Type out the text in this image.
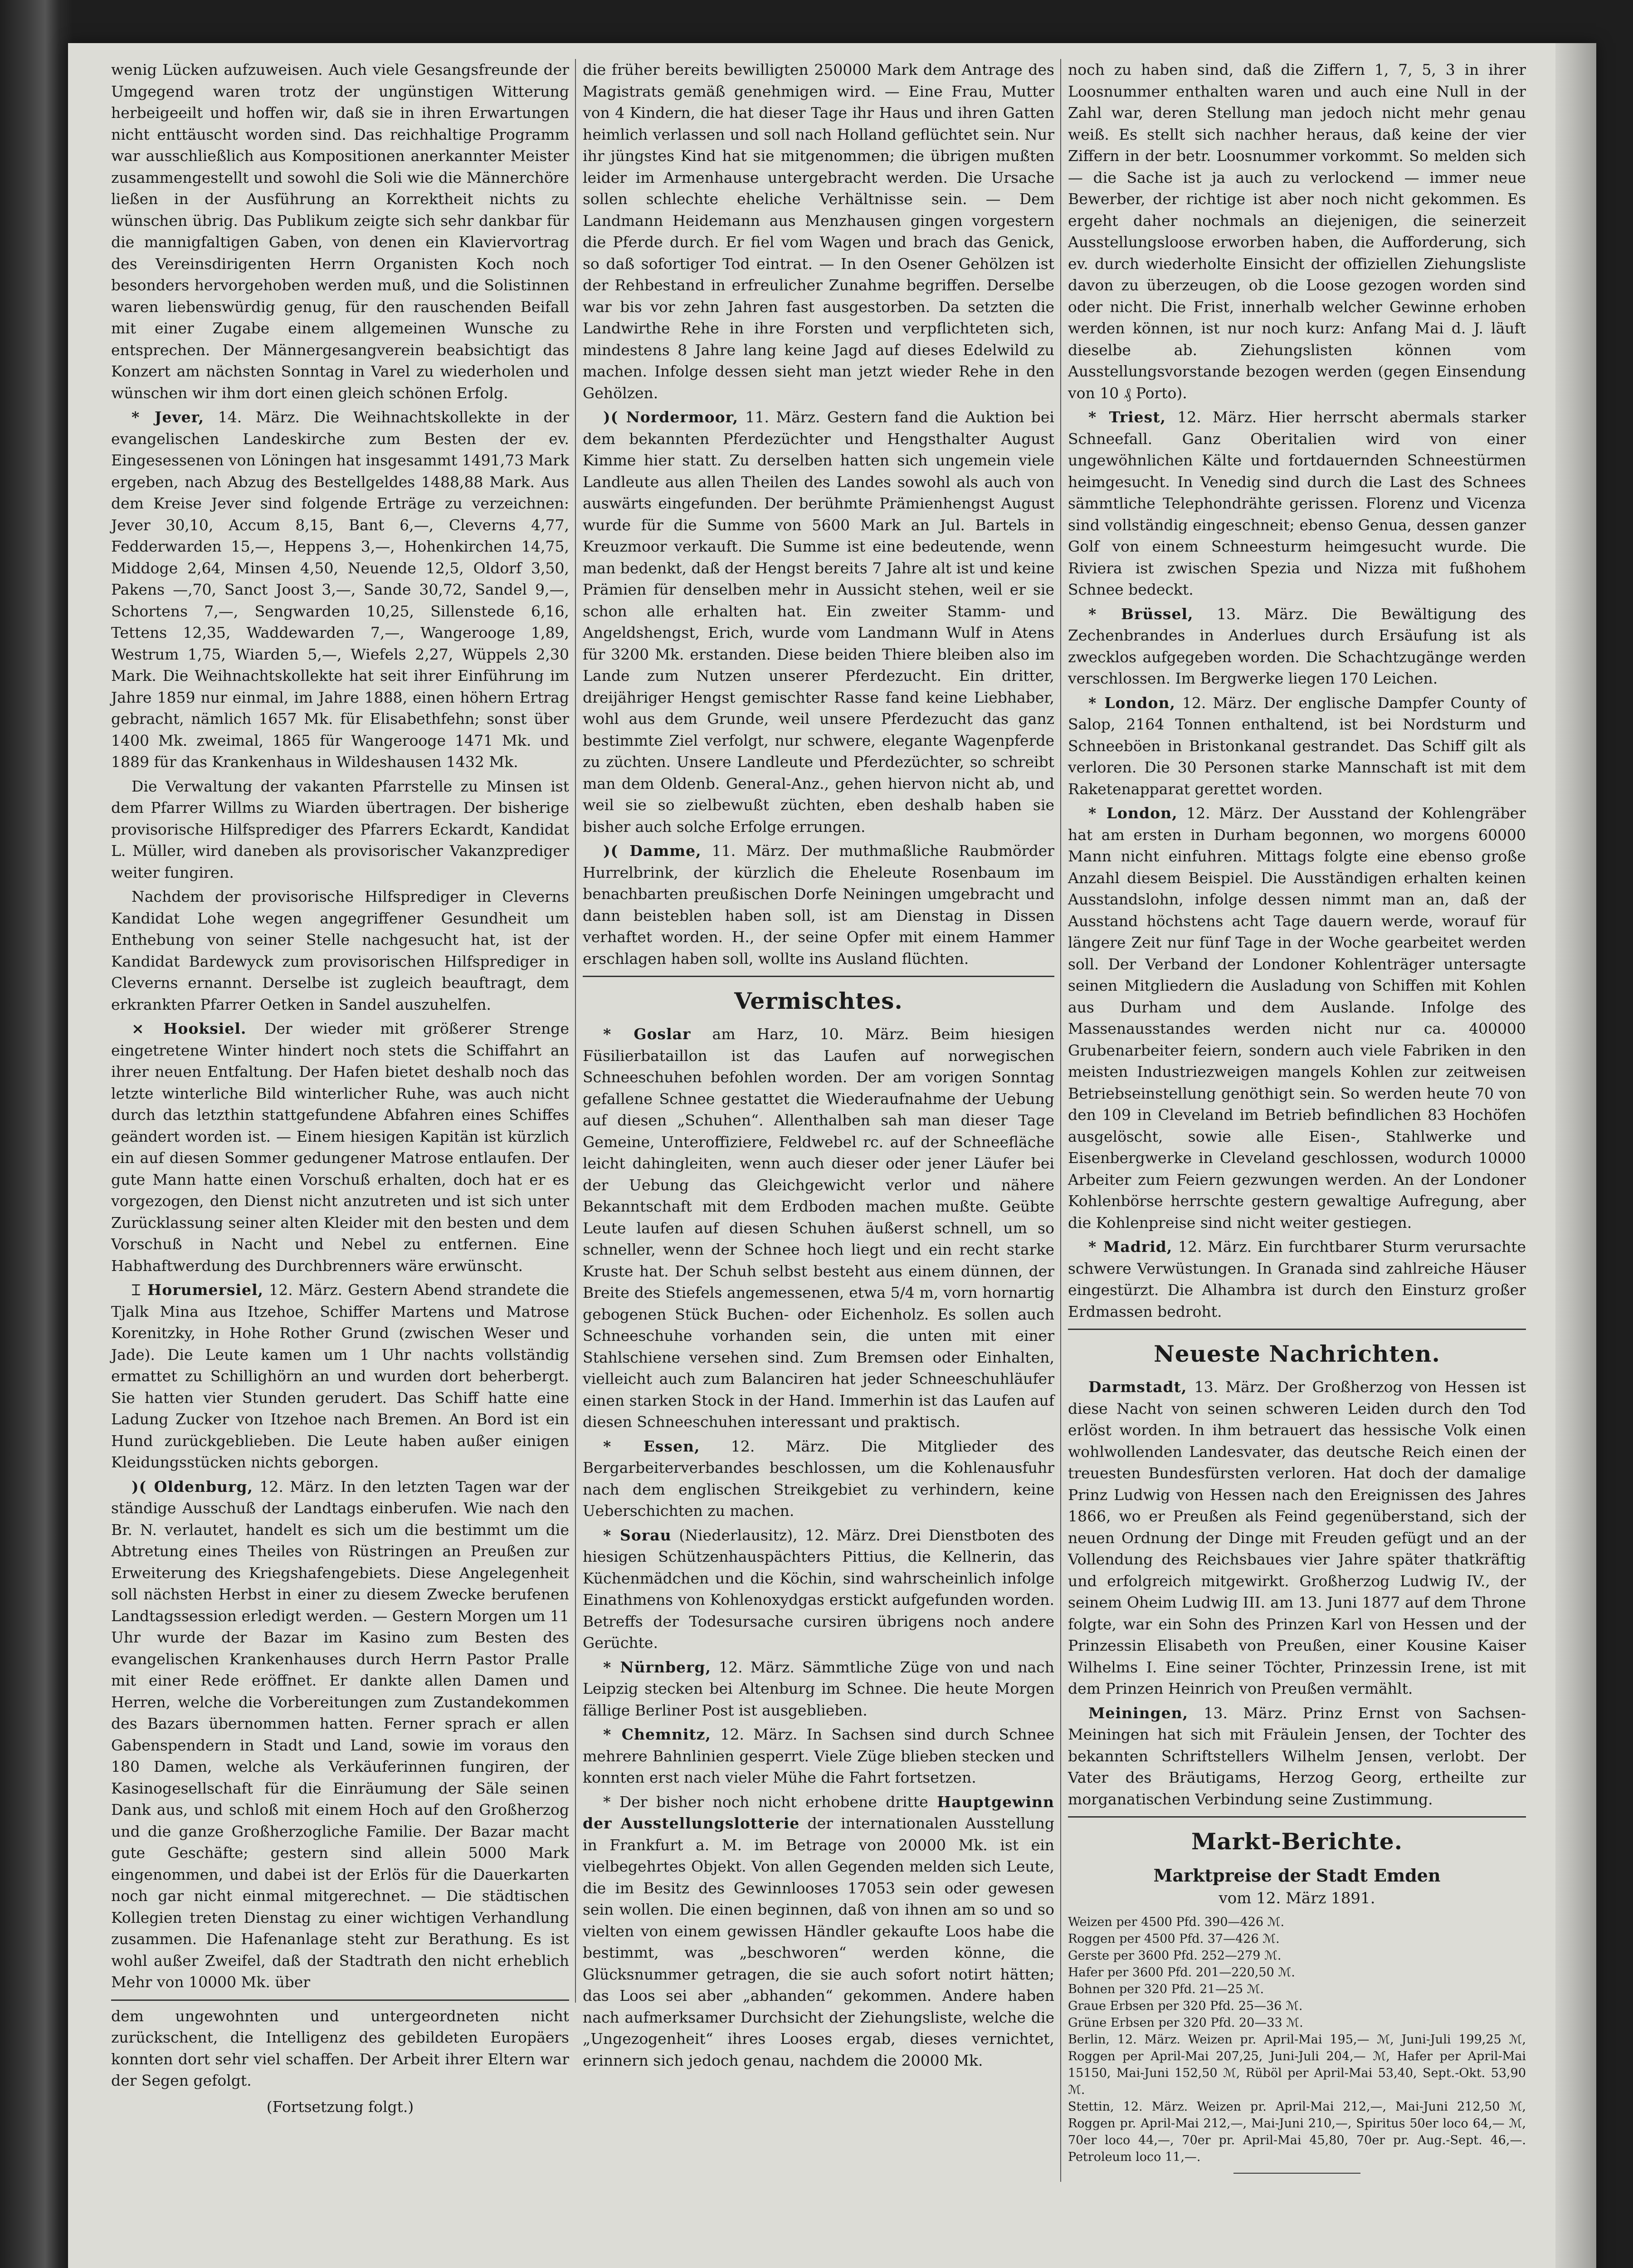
wenig Lücken aufzuweisen. Auch viele Gesangsfreunde der Umgegend waren trotz der ungünstigen Witterung herbeigeeilt und hoffen wir, daß sie in ihren Erwartungen nicht enttäuscht worden sind. Das reichhaltige Programm war ausschließlich aus Kompositionen anerkannter Meister zusammengestellt und sowohl die Soli wie die Männerchöre ließen in der Ausführung an Korrektheit nichts zu wünschen übrig. Das Publikum zeigte sich sehr dankbar für die mannigfaltigen Gaben, von denen ein Klaviervortrag des Vereinsdirigenten Herrn Organisten Koch noch besonders hervorgehoben werden muß, und die Solistinnen waren liebenswürdig genug, für den rauschenden Beifall mit einer Zugabe einem allgemeinen Wunsche zu entsprechen. Der Männergesangverein beabsichtigt das Konzert am nächsten Sonntag in Varel zu wiederholen und wünschen wir ihm dort einen gleich schönen Erfolg.

* Jever, 14. März. Die Weihnachtskollekte in der evangelischen Landeskirche zum Besten der ev. Eingesessenen von Löningen hat insgesammt 1491,73 Mark ergeben, nach Abzug des Bestellgeldes 1488,88 Mark. Aus dem Kreise Jever sind folgende Erträge zu verzeichnen: Jever 30,10, Accum 8,15, Bant 6,—, Cleverns 4,77, Fedderwarden 15,—, Heppens 3,—, Hohenkirchen 14,75, Middoge 2,64, Minsen 4,50, Neuende 12,5, Oldorf 3,50, Pakens —,70, Sanct Joost 3,—, Sande 30,72, Sandel 9,—, Schortens 7,—, Sengwarden 10,25, Sillenstede 6,16, Tettens 12,35, Waddewarden 7,—, Wangerooge 1,89, Westrum 1,75, Wiarden 5,—, Wiefels 2,27, Wüppels 2,30 Mark. Die Weihnachtskollekte hat seit ihrer Einführung im Jahre 1859 nur einmal, im Jahre 1888, einen höhern Ertrag gebracht, nämlich 1657 Mk. für Elisabethfehn; sonst über 1400 Mk. zweimal, 1865 für Wangerooge 1471 Mk. und 1889 für das Krankenhaus in Wildeshausen 1432 Mk.

Die Verwaltung der vakanten Pfarrstelle zu Minsen ist dem Pfarrer Willms zu Wiarden übertragen. Der bisherige provisorische Hilfsprediger des Pfarrers Eckardt, Kandidat L. Müller, wird daneben als provisorischer Vakanzprediger weiter fungiren.

Nachdem der provisorische Hilfsprediger in Cleverns Kandidat Lohe wegen angegriffener Gesundheit um Enthebung von seiner Stelle nachgesucht hat, ist der Kandidat Bardewyck zum provisorischen Hilfsprediger in Cleverns ernannt. Derselbe ist zugleich beauftragt, dem erkrankten Pfarrer Oetken in Sandel auszuhelfen.

⨯ Hooksiel. Der wieder mit größerer Strenge eingetretene Winter hindert noch stets die Schiffahrt an ihrer neuen Entfaltung. Der Hafen bietet deshalb noch das letzte winterliche Bild winterlicher Ruhe, was auch nicht durch das letzthin stattgefundene Abfahren eines Schiffes geändert worden ist. — Einem hiesigen Kapitän ist kürzlich ein auf diesen Sommer gedungener Matrose entlaufen. Der gute Mann hatte einen Vorschuß erhalten, doch hat er es vorgezogen, den Dienst nicht anzutreten und ist sich unter Zurücklassung seiner alten Kleider mit den besten und dem Vorschuß in Nacht und Nebel zu entfernen. Eine Habhaftwerdung des Durchbrenners wäre erwünscht.

⌶ Horumersiel, 12. März. Gestern Abend strandete die Tjalk Mina aus Itzehoe, Schiffer Martens und Matrose Korenitzky, in Hohe Rother Grund (zwischen Weser und Jade). Die Leute kamen um 1 Uhr nachts vollständig ermattet zu Schillighörn an und wurden dort beherbergt. Sie hatten vier Stunden gerudert. Das Schiff hatte eine Ladung Zucker von Itzehoe nach Bremen. An Bord ist ein Hund zurückgeblieben. Die Leute haben außer einigen Kleidungsstücken nichts geborgen.

)( Oldenburg, 12. März. In den letzten Tagen war der ständige Ausschuß der Landtags einberufen. Wie nach den Br. N. verlautet, handelt es sich um die bestimmt um die Abtretung eines Theiles von Rüstringen an Preußen zur Erweiterung des Kriegshafengebiets. Diese Angelegenheit soll nächsten Herbst in einer zu diesem Zwecke berufenen Landtagssession erledigt werden. — Gestern Morgen um 11 Uhr wurde der Bazar im Kasino zum Besten des evangelischen Krankenhauses durch Herrn Pastor Pralle mit einer Rede eröffnet. Er dankte allen Damen und Herren, welche die Vorbereitungen zum Zustandekommen des Bazars übernommen hatten. Ferner sprach er allen Gabenspendern in Stadt und Land, sowie im voraus den 180 Damen, welche als Verkäuferinnen fungiren, der Kasinogesellschaft für die Einräumung der Säle seinen Dank aus, und schloß mit einem Hoch auf den Großherzog und die ganze Großherzogliche Familie. Der Bazar macht gute Geschäfte; gestern sind allein 5000 Mark eingenommen, und dabei ist der Erlös für die Dauerkarten noch gar nicht einmal mitgerechnet. — Die städtischen Kollegien treten Dienstag zu einer wichtigen Verhandlung zusammen. Die Hafenanlage steht zur Berathung. Es ist wohl außer Zweifel, daß der Stadtrath den nicht erheblich Mehr von 10000 Mk. über

dem ungewohnten und untergeordneten nicht zurückschent, die Intelligenz des gebildeten Europäers konnten dort sehr viel schaffen. Der Arbeit ihrer Eltern war der Segen gefolgt.

(Fortsetzung folgt.)

die früher bereits bewilligten 250000 Mark dem Antrage des Magistrats gemäß genehmigen wird. — Eine Frau, Mutter von 4 Kindern, die hat dieser Tage ihr Haus und ihren Gatten heimlich verlassen und soll nach Holland geflüchtet sein. Nur ihr jüngstes Kind hat sie mitgenommen; die übrigen mußten leider im Armenhause untergebracht werden. Die Ursache sollen schlechte eheliche Verhältnisse sein. — Dem Landmann Heidemann aus Menzhausen gingen vorgestern die Pferde durch. Er fiel vom Wagen und brach das Genick, so daß sofortiger Tod eintrat. — In den Osener Gehölzen ist der Rehbestand in erfreulicher Zunahme begriffen. Derselbe war bis vor zehn Jahren fast ausgestorben. Da setzten die Landwirthe Rehe in ihre Forsten und verpflichteten sich, mindestens 8 Jahre lang keine Jagd auf dieses Edelwild zu machen. Infolge dessen sieht man jetzt wieder Rehe in den Gehölzen.

)( Nordermoor, 11. März. Gestern fand die Auktion bei dem bekannten Pferdezüchter und Hengsthalter August Kimme hier statt. Zu derselben hatten sich ungemein viele Landleute aus allen Theilen des Landes sowohl als auch von auswärts eingefunden. Der berühmte Prämienhengst August wurde für die Summe von 5600 Mark an Jul. Bartels in Kreuzmoor verkauft. Die Summe ist eine bedeutende, wenn man bedenkt, daß der Hengst bereits 7 Jahre alt ist und keine Prämien für denselben mehr in Aussicht stehen, weil er sie schon alle erhalten hat. Ein zweiter Stamm- und Angeldshengst, Erich, wurde vom Landmann Wulf in Atens für 3200 Mk. erstanden. Diese beiden Thiere bleiben also im Lande zum Nutzen unserer Pferdezucht. Ein dritter, dreijähriger Hengst gemischter Rasse fand keine Liebhaber, wohl aus dem Grunde, weil unsere Pferdezucht das ganz bestimmte Ziel verfolgt, nur schwere, elegante Wagenpferde zu züchten. Unsere Landleute und Pferdezüchter, so schreibt man dem Oldenb. General-Anz., gehen hiervon nicht ab, und weil sie so zielbewußt züchten, eben deshalb haben sie bisher auch solche Erfolge errungen.

)( Damme, 11. März. Der muthmaßliche Raubmörder Hurrelbrink, der kürzlich die Eheleute Rosenbaum im benachbarten preußischen Dorfe Neiningen umgebracht und dann beisteblen haben soll, ist am Dienstag in Dissen verhaftet worden. H., der seine Opfer mit einem Hammer erschlagen haben soll, wollte ins Ausland flüchten.

Vermischtes.

* Goslar am Harz, 10. März. Beim hiesigen Füsilierbataillon ist das Laufen auf norwegischen Schneeschuhen befohlen worden. Der am vorigen Sonntag gefallene Schnee gestattet die Wiederaufnahme der Uebung auf diesen „Schuhen“. Allenthalben sah man dieser Tage Gemeine, Unteroffiziere, Feldwebel rc. auf der Schneefläche leicht dahingleiten, wenn auch dieser oder jener Läufer bei der Uebung das Gleichgewicht verlor und nähere Bekanntschaft mit dem Erdboden machen mußte. Geübte Leute laufen auf diesen Schuhen äußerst schnell, um so schneller, wenn der Schnee hoch liegt und ein recht starke Kruste hat. Der Schuh selbst besteht aus einem dünnen, der Breite des Stiefels angemessenen, etwa 5/4 m, vorn hornartig gebogenen Stück Buchen- oder Eichenholz. Es sollen auch Schneeschuhe vorhanden sein, die unten mit einer Stahlschiene versehen sind. Zum Bremsen oder Einhalten, vielleicht auch zum Balanciren hat jeder Schneeschuhläufer einen starken Stock in der Hand. Immerhin ist das Laufen auf diesen Schneeschuhen interessant und praktisch.

* Essen, 12. März. Die Mitglieder des Bergarbeiterverbandes beschlossen, um die Kohlenausfuhr nach dem englischen Streikgebiet zu verhindern, keine Ueberschichten zu machen.

* Sorau (Niederlausitz), 12. März. Drei Dienstboten des hiesigen Schützenhauspächters Pittius, die Kellnerin, das Küchenmädchen und die Köchin, sind wahrscheinlich infolge Einathmens von Kohlenoxydgas erstickt aufgefunden worden. Betreffs der Todesursache cursiren übrigens noch andere Gerüchte.

* Nürnberg, 12. März. Sämmtliche Züge von und nach Leipzig stecken bei Altenburg im Schnee. Die heute Morgen fällige Berliner Post ist ausgeblieben.

* Chemnitz, 12. März. In Sachsen sind durch Schnee mehrere Bahnlinien gesperrt. Viele Züge blieben stecken und konnten erst nach vieler Mühe die Fahrt fortsetzen.

* Der bisher noch nicht erhobene dritte Hauptgewinn der Ausstellungslotterie der internationalen Ausstellung in Frankfurt a. M. im Betrage von 20000 Mk. ist ein vielbegehrtes Objekt. Von allen Gegenden melden sich Leute, die im Besitz des Gewinnlooses 17053 sein oder gewesen sein wollen. Die einen beginnen, daß von ihnen am so und so vielten von einem gewissen Händler gekaufte Loos habe die bestimmt, was „beschworen“ werden könne, die Glücksnummer getragen, die sie auch sofort notirt hätten; das Loos sei aber „abhanden“ gekommen. Andere haben nach aufmerksamer Durchsicht der Ziehungsliste, welche die „Ungezogenheit“ ihres Looses ergab, dieses vernichtet, erinnern sich jedoch genau, nachdem die 20000 Mk.

noch zu haben sind, daß die Ziffern 1, 7, 5, 3 in ihrer Loosnummer enthalten waren und auch eine Null in der Zahl war, deren Stellung man jedoch nicht mehr genau weiß. Es stellt sich nachher heraus, daß keine der vier Ziffern in der betr. Loosnummer vorkommt. So melden sich — die Sache ist ja auch zu verlockend — immer neue Bewerber, der richtige ist aber noch nicht gekommen. Es ergeht daher nochmals an diejenigen, die seinerzeit Ausstellungsloose erworben haben, die Aufforderung, sich ev. durch wiederholte Einsicht der offiziellen Ziehungsliste davon zu überzeugen, ob die Loose gezogen worden sind oder nicht. Die Frist, innerhalb welcher Gewinne erhoben werden können, ist nur noch kurz: Anfang Mai d. J. läuft dieselbe ab. Ziehungslisten können vom Ausstellungsvorstande bezogen werden (gegen Einsendung von 10 ₰ Porto).

* Triest, 12. März. Hier herrscht abermals starker Schneefall. Ganz Oberitalien wird von einer ungewöhnlichen Kälte und fortdauernden Schneestürmen heimgesucht. In Venedig sind durch die Last des Schnees sämmtliche Telephondrähte gerissen. Florenz und Vicenza sind vollständig eingeschneit; ebenso Genua, dessen ganzer Golf von einem Schneesturm heimgesucht wurde. Die Riviera ist zwischen Spezia und Nizza mit fußhohem Schnee bedeckt.

* Brüssel, 13. März. Die Bewältigung des Zechenbrandes in Anderlues durch Ersäufung ist als zwecklos aufgegeben worden. Die Schachtzugänge werden verschlossen. Im Bergwerke liegen 170 Leichen.

* London, 12. März. Der englische Dampfer County of Salop, 2164 Tonnen enthaltend, ist bei Nordsturm und Schneeböen in Bristonkanal gestrandet. Das Schiff gilt als verloren. Die 30 Personen starke Mannschaft ist mit dem Raketenapparat gerettet worden.

* London, 12. März. Der Ausstand der Kohlengräber hat am ersten in Durham begonnen, wo morgens 60000 Mann nicht einfuhren. Mittags folgte eine ebenso große Anzahl diesem Beispiel. Die Ausständigen erhalten keinen Ausstandslohn, infolge dessen nimmt man an, daß der Ausstand höchstens acht Tage dauern werde, worauf für längere Zeit nur fünf Tage in der Woche gearbeitet werden soll. Der Verband der Londoner Kohlenträger untersagte seinen Mitgliedern die Ausladung von Schiffen mit Kohlen aus Durham und dem Auslande. Infolge des Massenausstandes werden nicht nur ca. 400000 Grubenarbeiter feiern, sondern auch viele Fabriken in den meisten Industriezweigen mangels Kohlen zur zeitweisen Betriebseinstellung genöthigt sein. So werden heute 70 von den 109 in Cleveland im Betrieb befindlichen 83 Hochöfen ausgelöscht, sowie alle Eisen-, Stahlwerke und Eisenbergwerke in Cleveland geschlossen, wodurch 10000 Arbeiter zum Feiern gezwungen werden. An der Londoner Kohlenbörse herrschte gestern gewaltige Aufregung, aber die Kohlenpreise sind nicht weiter gestiegen.

* Madrid, 12. März. Ein furchtbarer Sturm verursachte schwere Verwüstungen. In Granada sind zahlreiche Häuser eingestürzt. Die Alhambra ist durch den Einsturz großer Erdmassen bedroht.

Neueste Nachrichten.

Darmstadt, 13. März. Der Großherzog von Hessen ist diese Nacht von seinen schweren Leiden durch den Tod erlöst worden. In ihm betrauert das hessische Volk einen wohlwollenden Landesvater, das deutsche Reich einen der treuesten Bundesfürsten verloren. Hat doch der damalige Prinz Ludwig von Hessen nach den Ereignissen des Jahres 1866, wo er Preußen als Feind gegenüberstand, sich der neuen Ordnung der Dinge mit Freuden gefügt und an der Vollendung des Reichsbaues vier Jahre später thatkräftig und erfolgreich mitgewirkt. Großherzog Ludwig IV., der seinem Oheim Ludwig III. am 13. Juni 1877 auf dem Throne folgte, war ein Sohn des Prinzen Karl von Hessen und der Prinzessin Elisabeth von Preußen, einer Kousine Kaiser Wilhelms I. Eine seiner Töchter, Prinzessin Irene, ist mit dem Prinzen Heinrich von Preußen vermählt.

Meiningen, 13. März. Prinz Ernst von Sachsen-Meiningen hat sich mit Fräulein Jensen, der Tochter des bekannten Schriftstellers Wilhelm Jensen, verlobt. Der Vater des Bräutigams, Herzog Georg, ertheilte zur morganatischen Verbindung seine Zustimmung.

Markt-Berichte.
Marktpreise der Stadt Emden
vom 12. März 1891.

Weizen per 4500 Pfd. 390—426 ℳ.

Roggen per 4500 Pfd. 37—426 ℳ.

Gerste per 3600 Pfd. 252—279 ℳ.

Hafer per 3600 Pfd. 201—220,50 ℳ.

Bohnen per 320 Pfd. 21—25 ℳ.

Graue Erbsen per 320 Pfd. 25—36 ℳ.

Grüne Erbsen per 320 Pfd. 20—33 ℳ.

Berlin, 12. März. Weizen pr. April-Mai 195,— ℳ, Juni-Juli 199,25 ℳ, Roggen per April-Mai 207,25, Juni-Juli 204,— ℳ, Hafer per April-Mai 15150, Mai-Juni 152,50 ℳ, Rüböl per April-Mai 53,40, Sept.-Okt. 53,90 ℳ.

Stettin, 12. März. Weizen pr. April-Mai 212,—, Mai-Juni 212,50 ℳ, Roggen pr. April-Mai 212,—, Mai-Juni 210,—, Spiritus 50er loco 64,— ℳ, 70er loco 44,—, 70er pr. April-Mai 45,80, 70er pr. Aug.-Sept. 46,—. Petroleum loco 11,—.
